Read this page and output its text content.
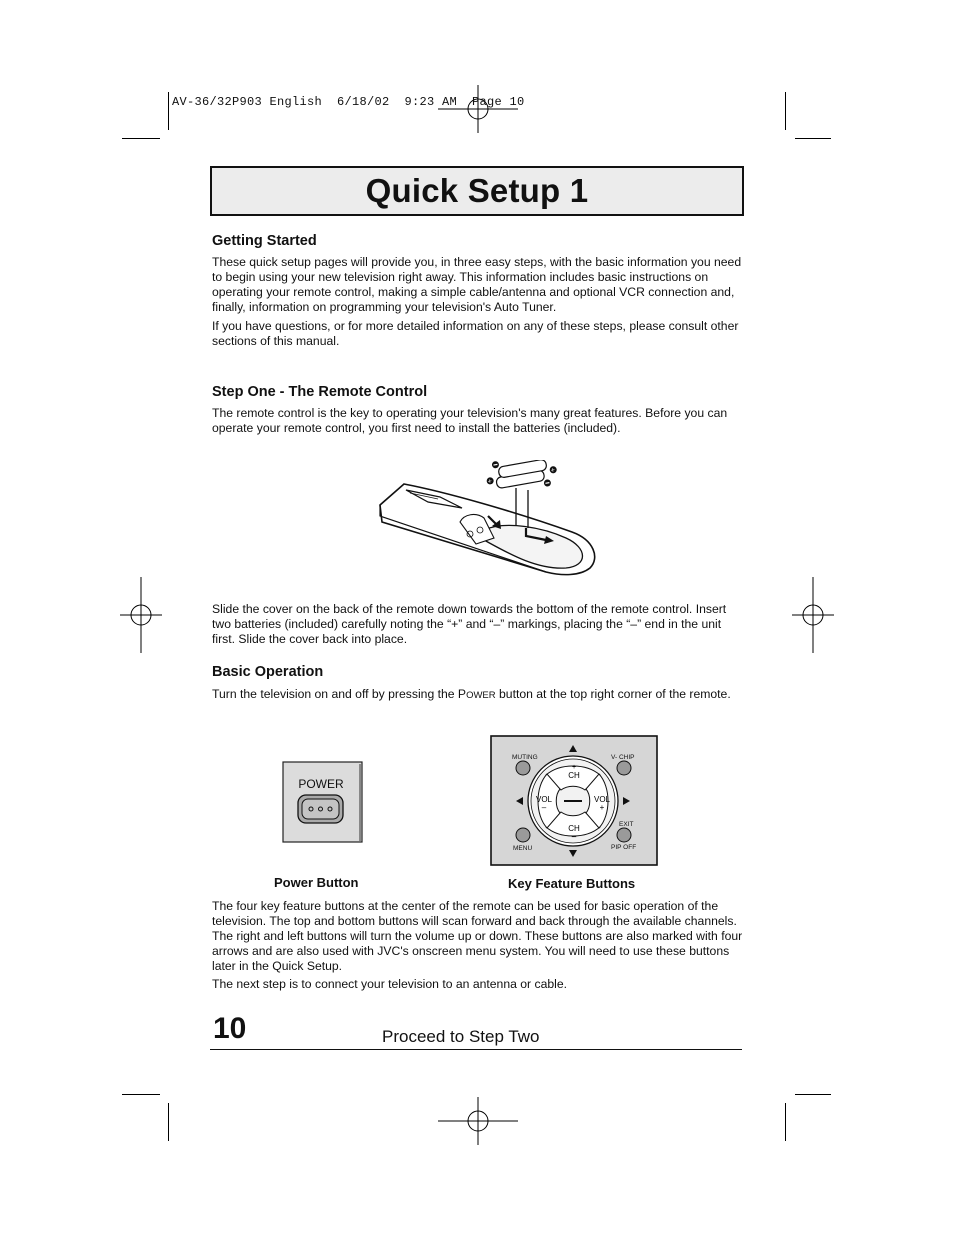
AV-36/32P903 English  6/18/02  9:23 AM  Page 10
Quick Setup 1
Getting Started

These quick setup pages will provide you, in three easy steps, with the basic information you need to begin using your new television right away. This information includes basic instructions on operating your remote control, making a simple cable/antenna and optional VCR connection and, finally, information on programming your television's Auto Tuner.

If you have questions, or for more detailed information on any of these steps, please consult other sections of this manual.

Step One - The Remote Control

The remote control is the key to operating your television's many great features. Before you can operate your remote control, you first need to install the batteries (included).

+
+

Slide the cover on the back of the remote down towards the bottom of the remote control. Insert two batteries (included) carefully noting the “+” and “–” markings, placing the “–” end in the unit first. Slide the cover back into place.

Basic Operation

Turn the television on and off by pressing the POWER button at the top right corner of the remote.

POWER
MUTING	V- CHIP
EXIT
MENU	PIP OFF
+
CH
CH
–
VOL
–
VOL
+
Power Button	Key Feature Buttons

The four key feature buttons at the center of the remote can be used for basic operation of the television. The top and bottom buttons will scan forward and back through the available channels. The right and left buttons will turn the volume up or down. These buttons are also marked with four arrows and are also used with JVC's onscreen menu system. You will need to use these buttons later in the Quick Setup.

The next step is to connect your television to an antenna or cable.

10	Proceed to Step Two
